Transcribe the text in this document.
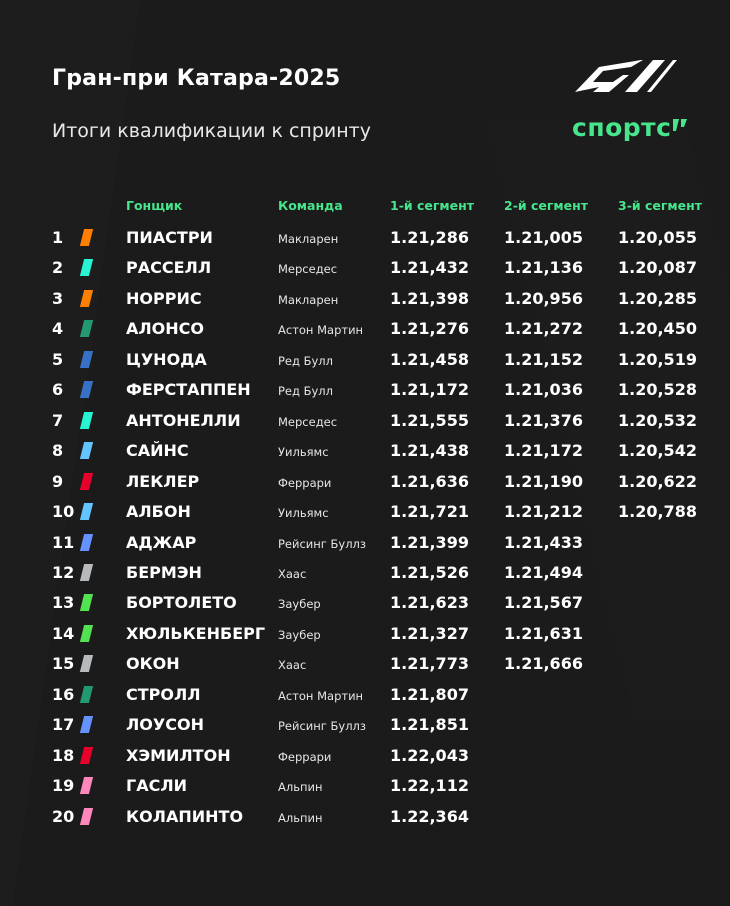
Гран-при Катара-2025
Итоги квалификации к спринту	спортс
Гонщик	Команда	1-й сегмент 2-й сегмент 3-й сегмент
1	ПИАСТРИ	Макларен	1.21,286 1.21,005 1.20,055
2	РАССЕЛЛ	Мерседес	1.21,432 1.21,136 1.20,087
3	НОРРИС	Макларен	1.21,398 1.20,956 1.20,285
4	АЛОНСО	Астон Мартин 1.21,276 1.21,272 1.20,450
5	ЦУНОДА	Ред Булл	1.21,458 1.21,152 1.20,519
6	ФЕРСТАППЕН Ред Булл	1.21,172 1.21,036 1.20,528
7	АНТОНЕЛЛИ	Мерседес	1.21,555 1.21,376 1.20,532
8	САЙНС	Уильямс	1.21,438 1.21,172 1.20,542
9	ЛЕКЛЕР	Феррари	1.21,636 1.21,190 1.20,622
10	АЛБОН	Уильямс	1.21,721 1.21,212 1.20,788
11	АДЖАР	Рейсинг Буллз 1.21,399 1.21,433
12	БЕРМЭН	Хаас	1.21,526 1.21,494
13	БОРТОЛЕТО	Заубер	1.21,623 1.21,567
14	ХЮЛЬКЕНБЕРГ Заубер	1.21,327 1.21,631
15	ОКОН	Хаас	1.21,773 1.21,666
16	СТРОЛЛ	Астон Мартин 1.21,807
17	ЛОУСОН	Рейсинг Буллз 1.21,851
18	ХЭМИЛТОН	Феррари	1.22,043
19	ГАСЛИ	Альпин	1.22,112
20	КОЛАПИНТО	Альпин	1.22,364
